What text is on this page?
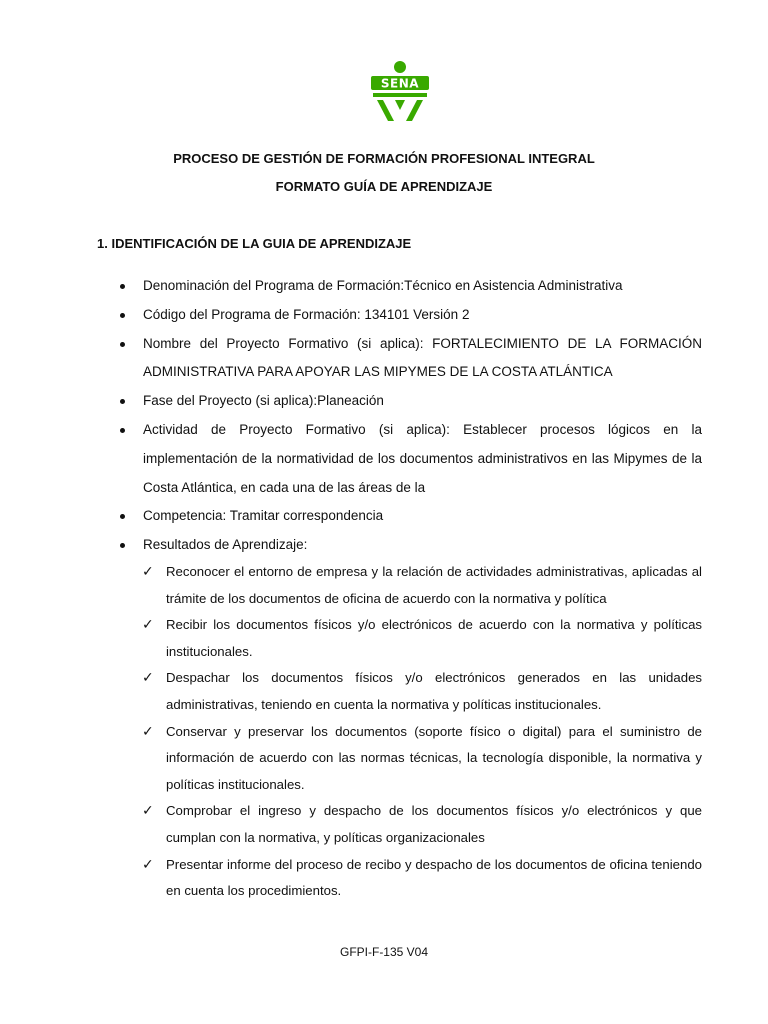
SENA
PROCESO DE GESTIÓN DE FORMACIÓN PROFESIONAL INTEGRAL
FORMATO GUÍA DE APRENDIZAJE
1. IDENTIFICACIÓN DE LA GUIA DE APRENDIZAJE
Denominación del Programa de Formación:Técnico en Asistencia Administrativa
Código del Programa de Formación: 134101 Versión 2
Nombre del Proyecto Formativo (si aplica): FORTALECIMIENTO DE LA FORMACIÓN ADMINISTRATIVA PARA APOYAR LAS MIPYMES DE LA COSTA ATLÁNTICA
Fase del Proyecto (si aplica):Planeación
Actividad de Proyecto Formativo (si aplica): Establecer procesos lógicos en la implementación de la normatividad de los documentos administrativos en las Mipymes de la Costa Atlántica, en cada una de las áreas de la
Competencia: Tramitar correspondencia
Resultados de Aprendizaje:
✓ Reconocer el entorno de empresa y la relación de actividades administrativas, aplicadas al trámite de los documentos de oficina de acuerdo con la normativa y política
✓ Recibir los documentos físicos y/o electrónicos de acuerdo con la normativa y políticas institucionales.
✓ Despachar los documentos físicos y/o electrónicos generados en las unidades administrativas, teniendo en cuenta la normativa y políticas institucionales.
✓ Conservar y preservar los documentos (soporte físico o digital) para el suministro de información de acuerdo con las normas técnicas, la tecnología disponible, la normativa y políticas institucionales.
✓ Comprobar el ingreso y despacho de los documentos físicos y/o electrónicos y que cumplan con la normativa, y políticas organizacionales
✓ Presentar informe del proceso de recibo y despacho de los documentos de oficina teniendo en cuenta los procedimientos.
GFPI-F-135 V04
